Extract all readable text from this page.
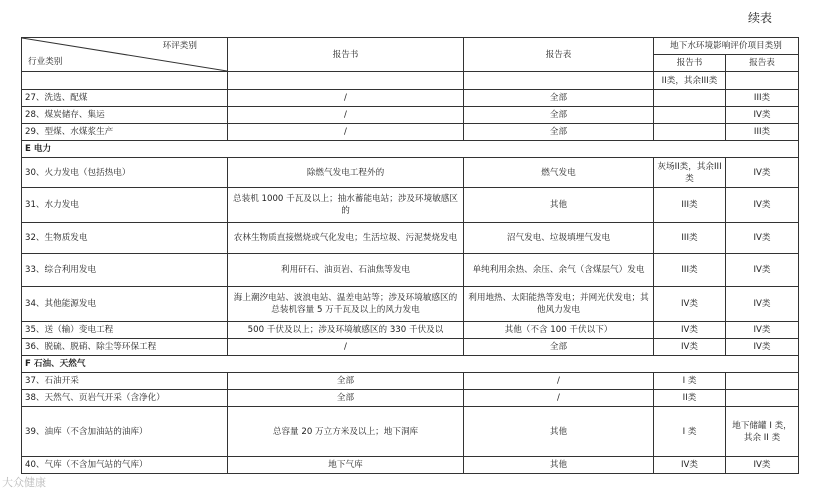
续表
环评类别
行业类别	报告书	报告表	地下水环境影响评价项目类别	
			报告书	报告表
			II类，其余III类	
27、洗选、配煤	/	全部		III类
28、煤炭储存、集运	/	全部		IV类
29、型煤、水煤浆生产	/	全部		III类
E 电力				
30、火力发电（包括热电）	除燃气发电工程外的	燃气发电	灰场II类，其余III类	IV类
31、水力发电	总装机 1000 千瓦及以上；抽水蓄能电站；涉及环境敏感区的	其他	III类	IV类
32、生物质发电	农林生物质直接燃烧或气化发电；生活垃圾、污泥焚烧发电	沼气发电、垃圾填埋气发电	III类	IV类
33、综合利用发电	利用矸石、油页岩、石油焦等发电	单纯利用余热、余压、余气（含煤层气）发电	III类	IV类
34、其他能源发电	海上潮汐电站、波浪电站、温差电站等；涉及环境敏感区的总装机容量 5 万千瓦及以上的风力发电	利用地热、太阳能热等发电；并网光伏发电；其他风力发电	IV类	IV类
35、送（输）变电工程	500 千伏及以上；涉及环境敏感区的 330 千伏及以	其他（不含 100 千伏以下）	IV类	IV类
36、脱硫、脱硝、除尘等环保工程	/	全部	IV类	IV类
F 石油、天然气				
37、石油开采	全部	/	I 类	
38、天然气、页岩气开采（含净化）	全部	/	II类	
39、油库（不含加油站的油库）	总容量 20 万立方米及以上；地下洞库	其他	I 类	地下储罐 I 类，其余 II 类
40、气库（不含加气站的气库）	地下气库	其他	IV类	IV类
大众健康
